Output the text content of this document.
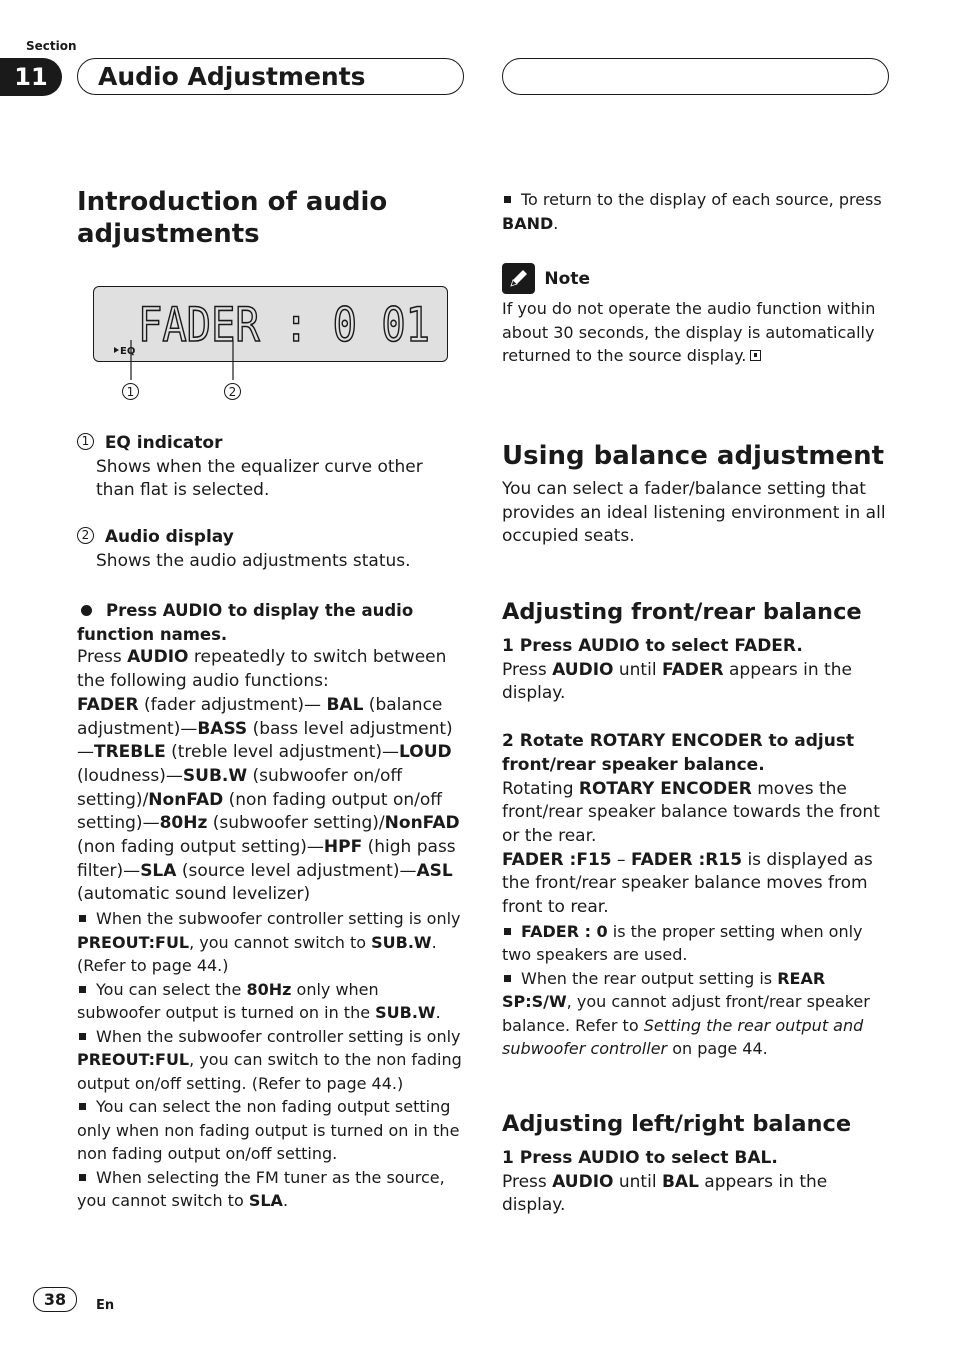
Section
11	Audio Adjustments

Introduction of audio adjustments

FADER : 0 01
EQ
1	2

1 EQ indicator

Shows when the equalizer curve other than flat is selected.

2 Audio display

Shows the audio adjustments status.

Press AUDIO to display the audio function names.

Press AUDIO repeatedly to switch between the following audio functions:

FADER (fader adjustment)— BAL (balance adjustment)—BASS (bass level adjustment) —TREBLE (treble level adjustment)—LOUD (loudness)—SUB.W (subwoofer on/off setting)/NonFAD (non fading output on/off setting)—80Hz (subwoofer setting)/NonFAD (non fading output setting)—HPF (high pass filter)—SLA (source level adjustment)—ASL (automatic sound levelizer)

When the subwoofer controller setting is only PREOUT:FUL, you cannot switch to SUB.W. (Refer to page 44.)

You can select the 80Hz only when subwoofer output is turned on in the SUB.W.

When the subwoofer controller setting is only PREOUT:FUL, you can switch to the non fading output on/off setting. (Refer to page 44.)

You can select the non fading output setting only when non fading output is turned on in the non fading output on/off setting.

When selecting the FM tuner as the source, you cannot switch to SLA.

To return to the display of each source, press BAND.

Note

If you do not operate the audio function within about 30 seconds, the display is automatically returned to the source display.

Using balance adjustment

You can select a fader/balance setting that provides an ideal listening environment in all occupied seats.

Adjusting front/rear balance

1 Press AUDIO to select FADER.

Press AUDIO until FADER appears in the display.

2 Rotate ROTARY ENCODER to adjust front/rear speaker balance.

Rotating ROTARY ENCODER moves the front/rear speaker balance towards the front or the rear.

FADER :F15 – FADER :R15 is displayed as the front/rear speaker balance moves from front to rear.

FADER : 0 is the proper setting when only two speakers are used.

When the rear output setting is REAR SP:S/W, you cannot adjust front/rear speaker balance. Refer to Setting the rear output and subwoofer controller on page 44.

Adjusting left/right balance

1 Press AUDIO to select BAL.

Press AUDIO until BAL appears in the display.

38	En
